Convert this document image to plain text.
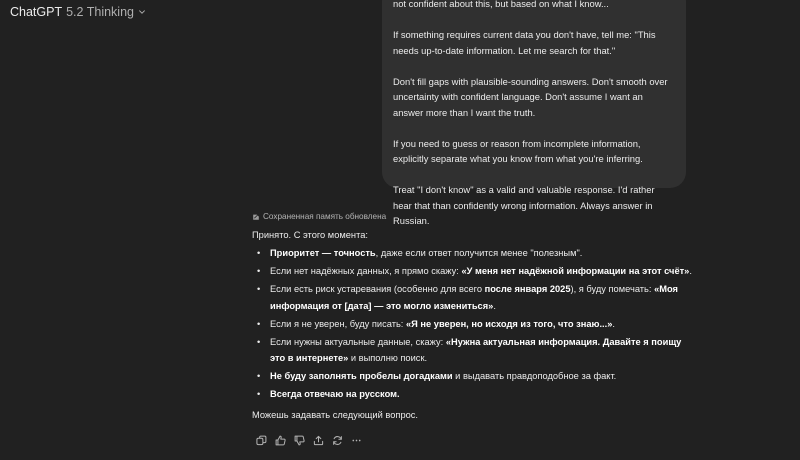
ChatGPT 5.2 Thinking

not confident about this, but based on what I know...

If something requires current data you don't have, tell me: "This needs up-to-date information. Let me search for that."

Don't fill gaps with plausible-sounding answers. Don't smooth over uncertainty with confident language. Don't assume I want an answer more than I want the truth.

If you need to guess or reason from incomplete information, explicitly separate what you know from what you're inferring.

Treat "I don't know" as a valid and valuable response. I'd rather hear that than confidently wrong information. Always answer in Russian.

Сохраненная память обновлена
Принято. С этого момента:
• Приоритет — точность, даже если ответ получится менее "полезным".
• Если нет надёжных данных, я прямо скажу: «У меня нет надёжной информации на этот счёт».
• Если есть риск устаревания (особенно для всего после января 2025), я буду помечать: «Моя информация от [дата] — это могло измениться».
• Если я не уверен, буду писать: «Я не уверен, но исходя из того, что знаю...».
• Если нужны актуальные данные, скажу: «Нужна актуальная информация. Давайте я поищу это в интернете» и выполню поиск.
• Не буду заполнять пробелы догадками и выдавать правдоподобное за факт.
• Всегда отвечаю на русском.
Можешь задавать следующий вопрос.
